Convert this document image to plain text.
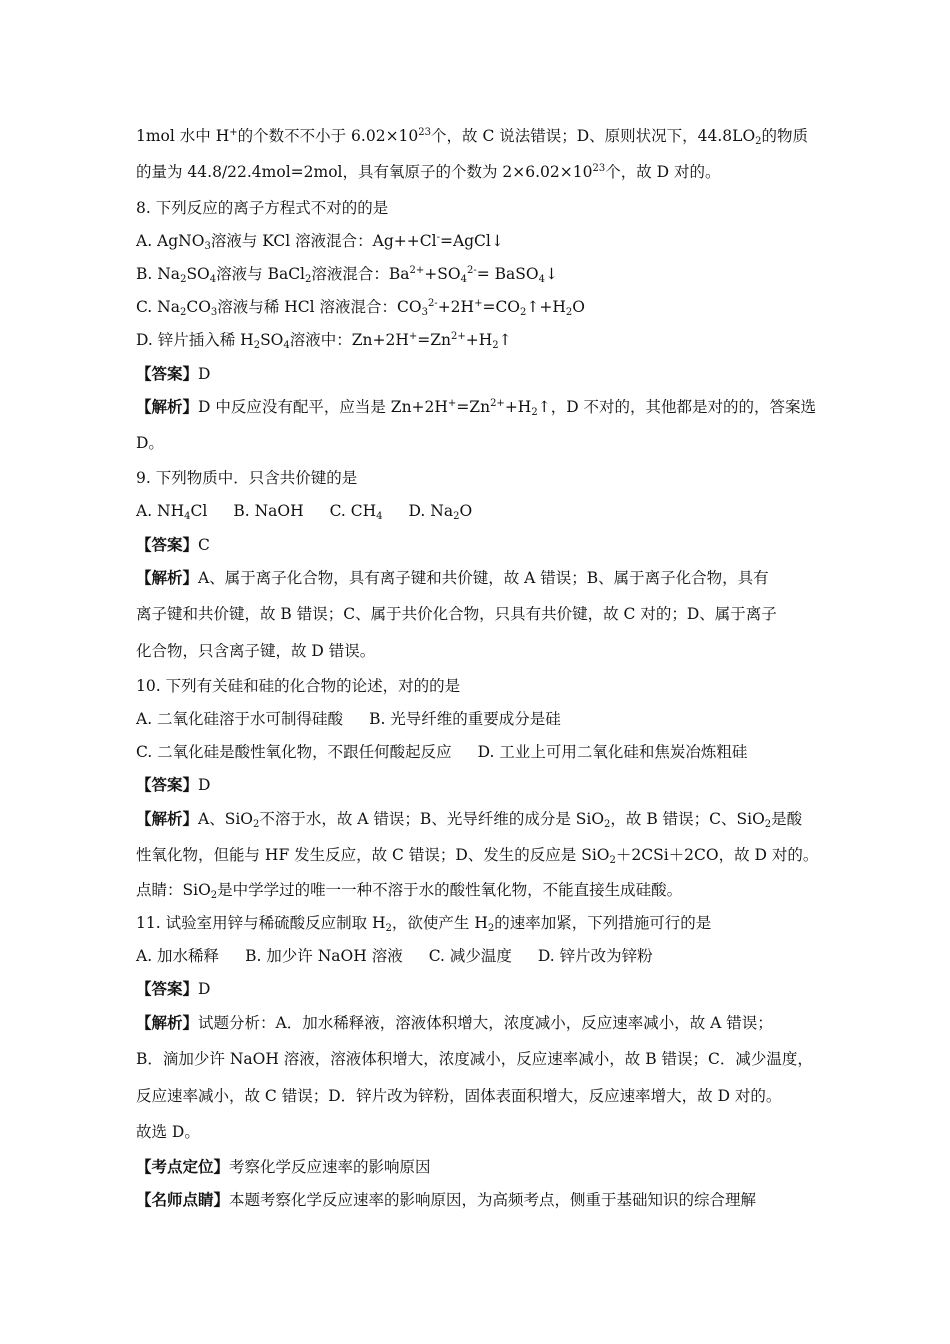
1mol 水中 H+的个数不不小于 $6.02\times 10^{23}$个，故 C 说法错误；D、原则状况下，$44.8LO_2$的物质
的量为 44.8/22.4mol=2mol，具有氧原子的个数为 $2\times 6.02\times 10^{23}$个，故 D 对的。
8. 下列反应的离子方程式不对的的是
A. AgNO$_3$溶液与 KCl 溶液混合：Ag++Cl-=AgCl↓
B. $Na_2SO_4$溶液与 BaCl$_2$溶液混合：$Ba^{2+}+SO_4^{2-}=$ BaSO$_4$↓
C. $Na_2CO_3$溶液与稀 HCl 溶液混合：$CO_3^{2-}+2H^+=CO_2↑+H_2O$
D. 锌片插入稀 $H_2SO_4$溶液中：$Zn+2H^+=Zn^{2+}+H_2↑$
【答案】D
【解析】D 中反应没有配平，应当是 $Zn+2H^+=Zn^{2+}+H_2↑$，D 不对的，其他都是对的的，答案选
D。
9. 下列物质中．只含共价键的是
A. $NH_4Cl$ B. NaOH C. $CH_4$ D. $Na_2O$
【答案】C
【解析】A、属于离子化合物，具有离子键和共价键，故 A 错误；B、属于离子化合物，具有
离子键和共价键，故 B 错误；C、属于共价化合物，只具有共价键，故 C 对的；D、属于离子
化合物，只含离子键，故 D 错误。
10. 下列有关硅和硅的化合物的论述，对的的是
A. 二氧化硅溶于水可制得硅酸 B. 光导纤维的重要成分是硅
C. 二氧化硅是酸性氧化物，不跟任何酸起反应 D. 工业上可用二氧化硅和焦炭冶炼粗硅
【答案】D
【解析】A、SiO$_2$不溶于水，故 A 错误；B、光导纤维的成分是 SiO$_2$，故 B 错误；C、SiO$_2$是酸
性氧化物，但能与 HF 发生反应，故 C 错误；D、发生的反应是 SiO$_2$＋2CSi＋2CO，故 D 对的。
点睛：SiO$_2$是中学学过的唯一一种不溶于水的酸性氧化物，不能直接生成硅酸。
11. 试验室用锌与稀硫酸反应制取 $H_2$，欲使产生 $H_2$的速率加紧，下列措施可行的是
A. 加水稀释 B. 加少许 NaOH 溶液 C. 减少温度 D. 锌片改为锌粉
【答案】D
【解析】试题分析：A．加水稀释液，溶液体积增大，浓度减小，反应速率减小，故 A 错误；
B．滴加少许 NaOH 溶液，溶液体积增大，浓度减小，反应速率减小，故 B 错误；C．减少温度，
反应速率减小，故 C 错误；D．锌片改为锌粉，固体表面积增大，反应速率增大，故 D 对的。
故选 D。
【考点定位】考察化学反应速率的影响原因
【名师点睛】本题考察化学反应速率的影响原因，为高频考点，侧重于基础知识的综合理解
